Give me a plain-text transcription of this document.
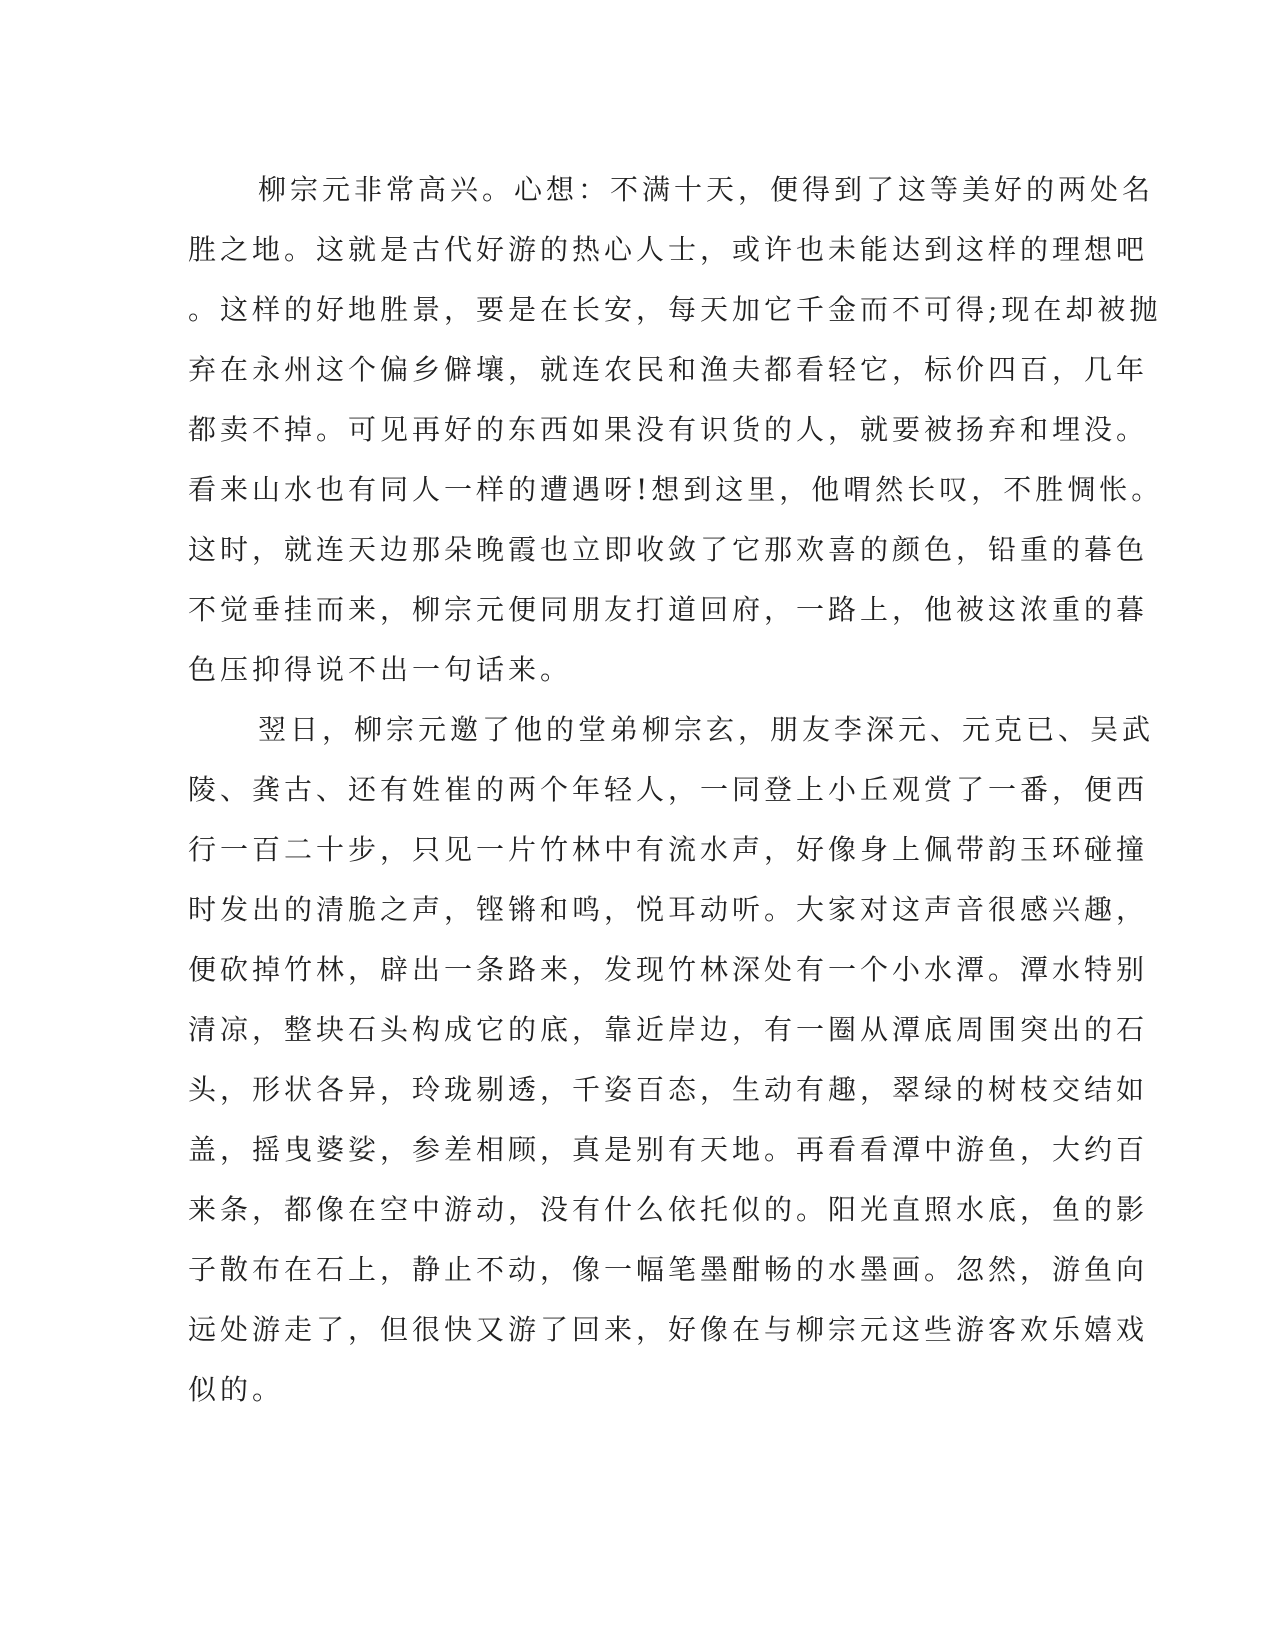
柳宗元非常高兴。心想：不满十天，便得到了这等美好的两处名
胜之地。这就是古代好游的热心人士，或许也未能达到这样的理想吧
。这样的好地胜景，要是在长安，每天加它千金而不可得;现在却被抛
弃在永州这个偏乡僻壤，就连农民和渔夫都看轻它，标价四百，几年
都卖不掉。可见再好的东西如果没有识货的人，就要被扬弃和埋没。
看来山水也有同人一样的遭遇呀!想到这里，他喟然长叹，不胜惆怅。
这时，就连天边那朵晚霞也立即收敛了它那欢喜的颜色，铅重的暮色
不觉垂挂而来，柳宗元便同朋友打道回府，一路上，他被这浓重的暮
色压抑得说不出一句话来。
翌日，柳宗元邀了他的堂弟柳宗玄，朋友李深元、元克已、吴武
陵、龚古、还有姓崔的两个年轻人，一同登上小丘观赏了一番，便西
行一百二十步，只见一片竹林中有流水声，好像身上佩带韵玉环碰撞
时发出的清脆之声，铿锵和鸣，悦耳动听。大家对这声音很感兴趣，
便砍掉竹林，辟出一条路来，发现竹林深处有一个小水潭。潭水特别
清凉，整块石头构成它的底，靠近岸边，有一圈从潭底周围突出的石
头，形状各异，玲珑剔透，千姿百态，生动有趣，翠绿的树枝交结如
盖，摇曳婆娑，参差相顾，真是别有天地。再看看潭中游鱼，大约百
来条，都像在空中游动，没有什么依托似的。阳光直照水底，鱼的影
子散布在石上，静止不动，像一幅笔墨酣畅的水墨画。忽然，游鱼向
远处游走了，但很快又游了回来，好像在与柳宗元这些游客欢乐嬉戏
似的。
